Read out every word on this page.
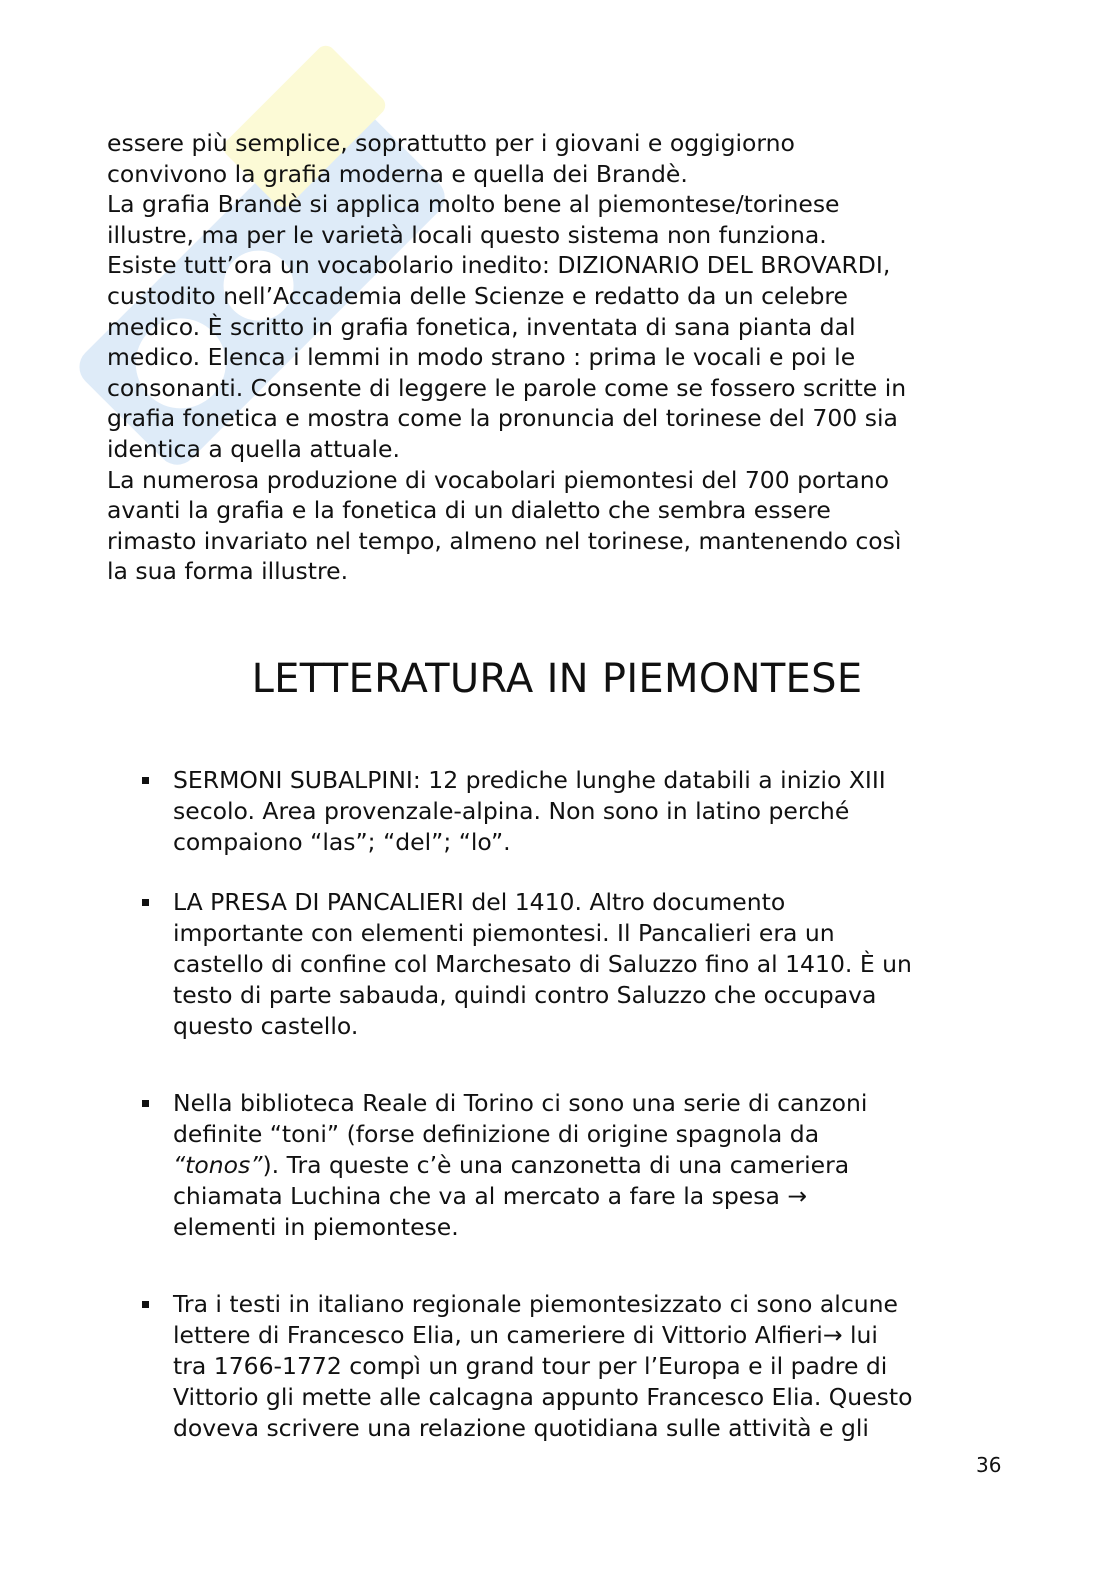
essere più semplice, soprattutto per i giovani e oggigiorno
convivono la grafia moderna e quella dei Brandè.
La grafia Brandè si applica molto bene al piemontese/torinese
illustre, ma per le varietà locali questo sistema non funziona.
Esiste tutt’ora un vocabolario inedito: DIZIONARIO DEL BROVARDI,
custodito nell’Accademia delle Scienze e redatto da un celebre
medico. È scritto in grafia fonetica, inventata di sana pianta dal
medico. Elenca i lemmi in modo strano : prima le vocali e poi le
consonanti. Consente di leggere le parole come se fossero scritte in
grafia fonetica e mostra come la pronuncia del torinese del 700 sia
identica a quella attuale.
La numerosa produzione di vocabolari piemontesi del 700 portano
avanti la grafia e la fonetica di un dialetto che sembra essere
rimasto invariato nel tempo, almeno nel torinese, mantenendo così
la sua forma illustre.

LETTERATURA IN PIEMONTESE
SERMONI SUBALPINI: 12 prediche lunghe databili a inizio XIII
secolo. Area provenzale-alpina. Non sono in latino perché
compaiono “las”; “del”; “lo”.
LA PRESA DI PANCALIERI del 1410. Altro documento
importante con elementi piemontesi. Il Pancalieri era un
castello di confine col Marchesato di Saluzzo fino al 1410. È un
testo di parte sabauda, quindi contro Saluzzo che occupava
questo castello.
Nella biblioteca Reale di Torino ci sono una serie di canzoni
definite “toni” (forse definizione di origine spagnola da
“tonos”). Tra queste c’è una canzonetta di una cameriera
chiamata Luchina che va al mercato a fare la spesa →
elementi in piemontese.
Tra i testi in italiano regionale piemontesizzato ci sono alcune
lettere di Francesco Elia, un cameriere di Vittorio Alfieri→ lui
tra 1766-1772 compì un grand tour per l’Europa e il padre di
Vittorio gli mette alle calcagna appunto Francesco Elia. Questo
doveva scrivere una relazione quotidiana sulle attività e gli
36
